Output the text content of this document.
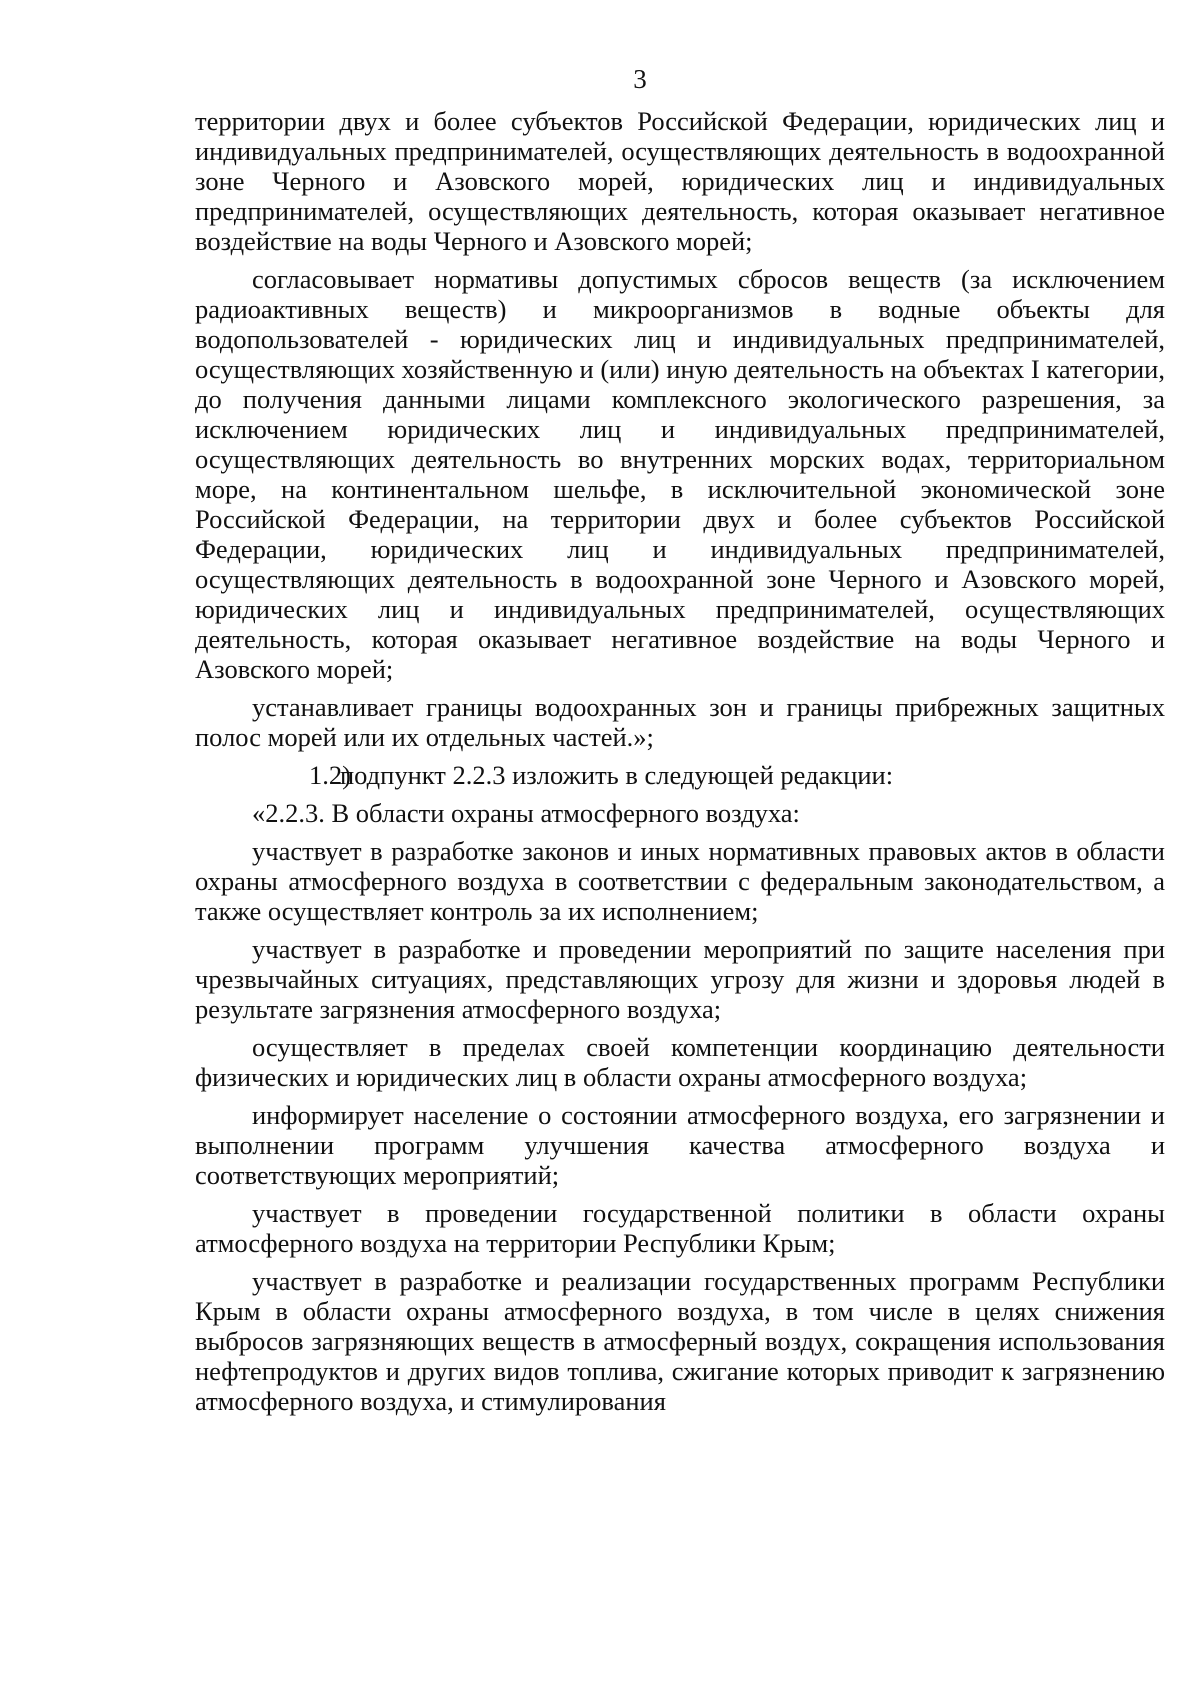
3

территории двух и более субъектов Российской Федерации, юридических лиц и индивидуальных предпринимателей, осуществляющих деятельность в водоохранной зоне Черного и Азовского морей, юридических лиц и индивидуальных предпринимателей, осуществляющих деятельность, которая оказывает негативное воздействие на воды Черного и Азовского морей;

согласовывает нормативы допустимых сбросов веществ (за исключением радиоактивных веществ) и микроорганизмов в водные объекты для водопользователей - юридических лиц и индивидуальных предпринимателей, осуществляющих хозяйственную и (или) иную деятельность на объектах I категории, до получения данными лицами комплексного экологического разрешения, за исключением юридических лиц и индивидуальных предпринимателей, осуществляющих деятельность во внутренних морских водах, территориальном море, на континентальном шельфе, в исключительной экономической зоне Российской Федерации, на территории двух и более субъектов Российской Федерации, юридических лиц и индивидуальных предпринимателей, осуществляющих деятельность в водоохранной зоне Черного и Азовского морей, юридических лиц и индивидуальных предпринимателей, осуществляющих деятельность, которая оказывает негативное воздействие на воды Черного и Азовского морей;

устанавливает границы водоохранных зон и границы прибрежных защитных полос морей или их отдельных частей.»;

1.2)подпункт 2.2.3 изложить в следующей редакции:

«2.2.3. В области охраны атмосферного воздуха:

участвует в разработке законов и иных нормативных правовых актов в области охраны атмосферного воздуха в соответствии с федеральным законодательством, а также осуществляет контроль за их исполнением;

участвует в разработке и проведении мероприятий по защите населения при чрезвычайных ситуациях, представляющих угрозу для жизни и здоровья людей в результате загрязнения атмосферного воздуха;

осуществляет в пределах своей компетенции координацию деятельности физических и юридических лиц в области охраны атмосферного воздуха;

информирует население о состоянии атмосферного воздуха, его загрязнении и выполнении программ улучшения качества атмосферного воздуха и соответствующих мероприятий;

участвует в проведении государственной политики в области охраны атмосферного воздуха на территории Республики Крым;

участвует в разработке и реализации государственных программ Республики Крым в области охраны атмосферного воздуха, в том числе в целях снижения выбросов загрязняющих веществ в атмосферный воздух, сокращения использования нефтепродуктов и других видов топлива, сжигание которых приводит к загрязнению атмосферного воздуха, и стимулирования
